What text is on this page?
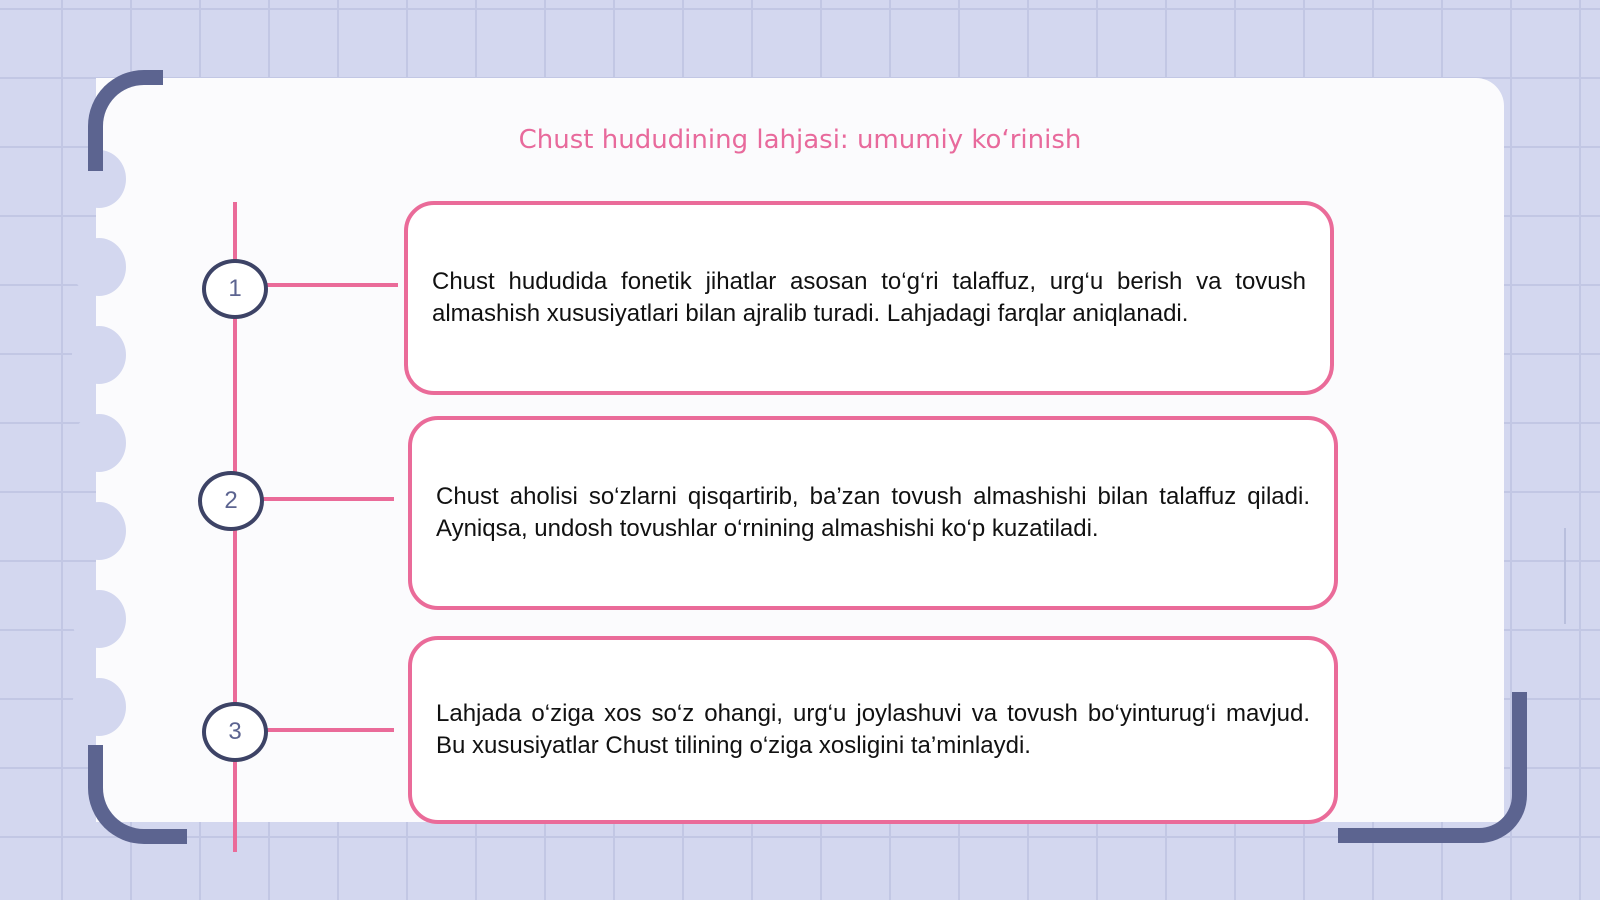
Chust hududining lahjasi: umumiy ko‘rinish
1
2
3
Chust hududida fonetik jihatlar asosan to‘g‘ri talaffuz, urg‘u berish va tovush almashish xususiyatlari bilan ajralib turadi. Lahjadagi farqlar aniqlanadi.
Chust aholisi so‘zlarni qisqartirib, ba’zan tovush almashishi bilan talaffuz qiladi. Ayniqsa, undosh tovushlar o‘rnining almashishi ko‘p kuzatiladi.
Lahjada o‘ziga xos so‘z ohangi, urg‘u joylashuvi va tovush bo‘yinturug‘i mavjud. Bu xususiyatlar Chust tilining o‘ziga xosligini ta’minlaydi.
